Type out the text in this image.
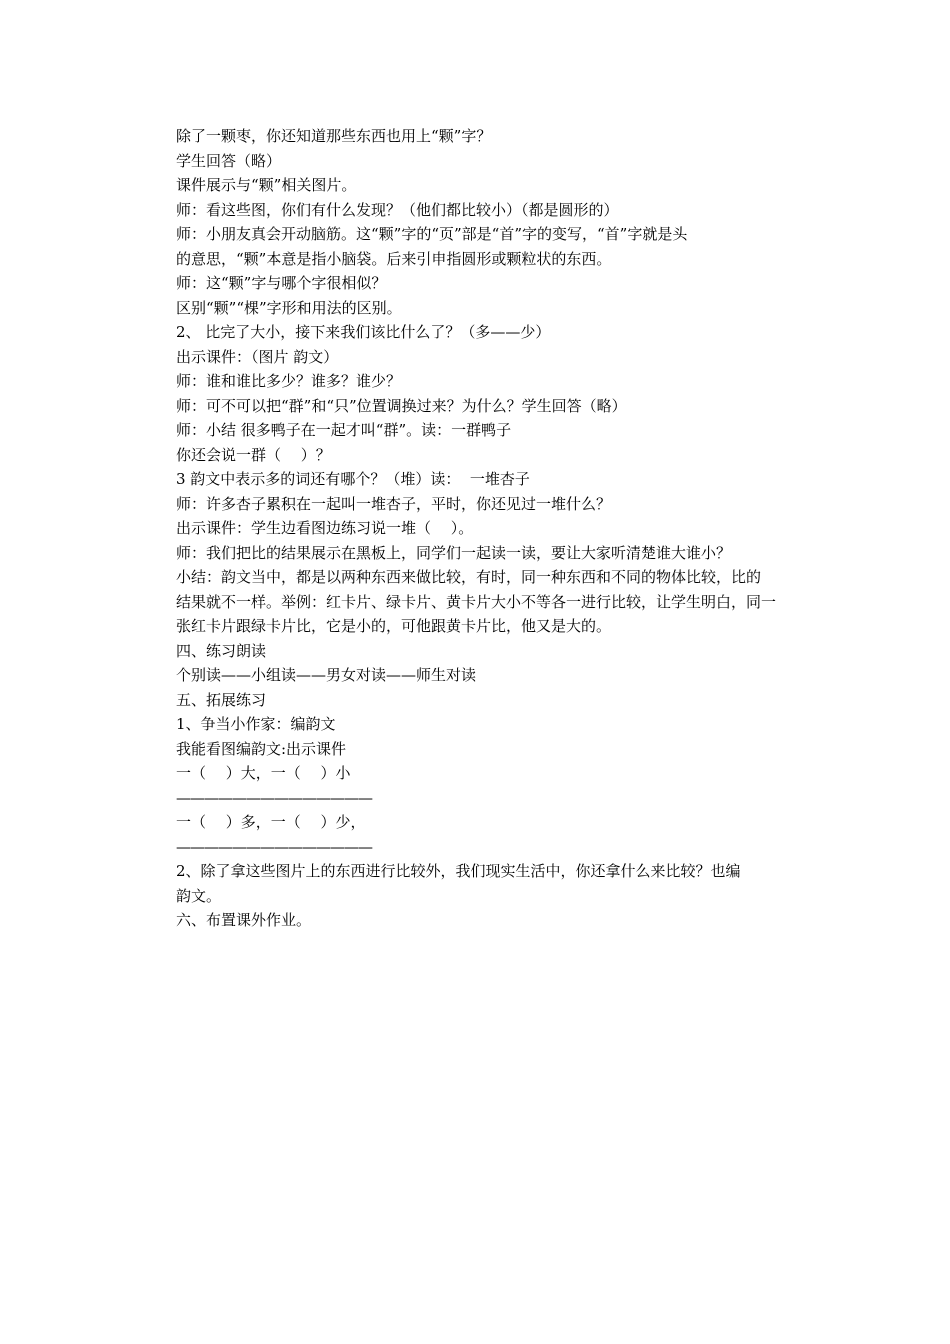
除了一颗枣，你还知道那些东西也用上“颗”字？
学生回答（略）
课件展示与“颗”相关图片。
师：看这些图，你们有什么发现？（他们都比较小）（都是圆形的）
师：小朋友真会开动脑筋。这“颗”字的“页”部是“首”字的变写，“首”字就是头
的意思，“颗”本意是指小脑袋。后来引申指圆形或颗粒状的东西。
师：这“颗”字与哪个字很相似？
区别“颗”“棵”字形和用法的区别。
2、 比完了大小，接下来我们该比什么了？（多——少）
出示课件：（图片 韵文）
师：谁和谁比多少？谁多？谁少？
师：可不可以把“群”和“只”位置调换过来？为什么？学生回答（略）
师：小结 很多鸭子在一起才叫“群”。读：一群鸭子
你还会说一群（　 ）？
3 韵文中表示多的词还有哪个？（堆）读：  一堆杏子
师：许多杏子累积在一起叫一堆杏子，平时，你还见过一堆什么？
出示课件：学生边看图边练习说一堆（　 ）。
师：我们把比的结果展示在黑板上，同学们一起读一读，要让大家听清楚谁大谁小？
小结：韵文当中，都是以两种东西来做比较，有时，同一种东西和不同的物体比较，比的
结果就不一样。举例：红卡片、绿卡片、黄卡片大小不等各一进行比较，让学生明白，同一
张红卡片跟绿卡片比，它是小的，可他跟黄卡片比，他又是大的。
四、练习朗读
个别读——小组读——男女对读——师生对读
五、拓展练习
1、争当小作家：编韵文
我能看图编韵文:出示课件
一（　 ）大，一（　 ）小
——————————————
一（　 ）多，一（　 ）少，
——————————————
2、除了拿这些图片上的东西进行比较外，我们现实生活中，你还拿什么来比较？也编
韵文。
六、布置课外作业。
